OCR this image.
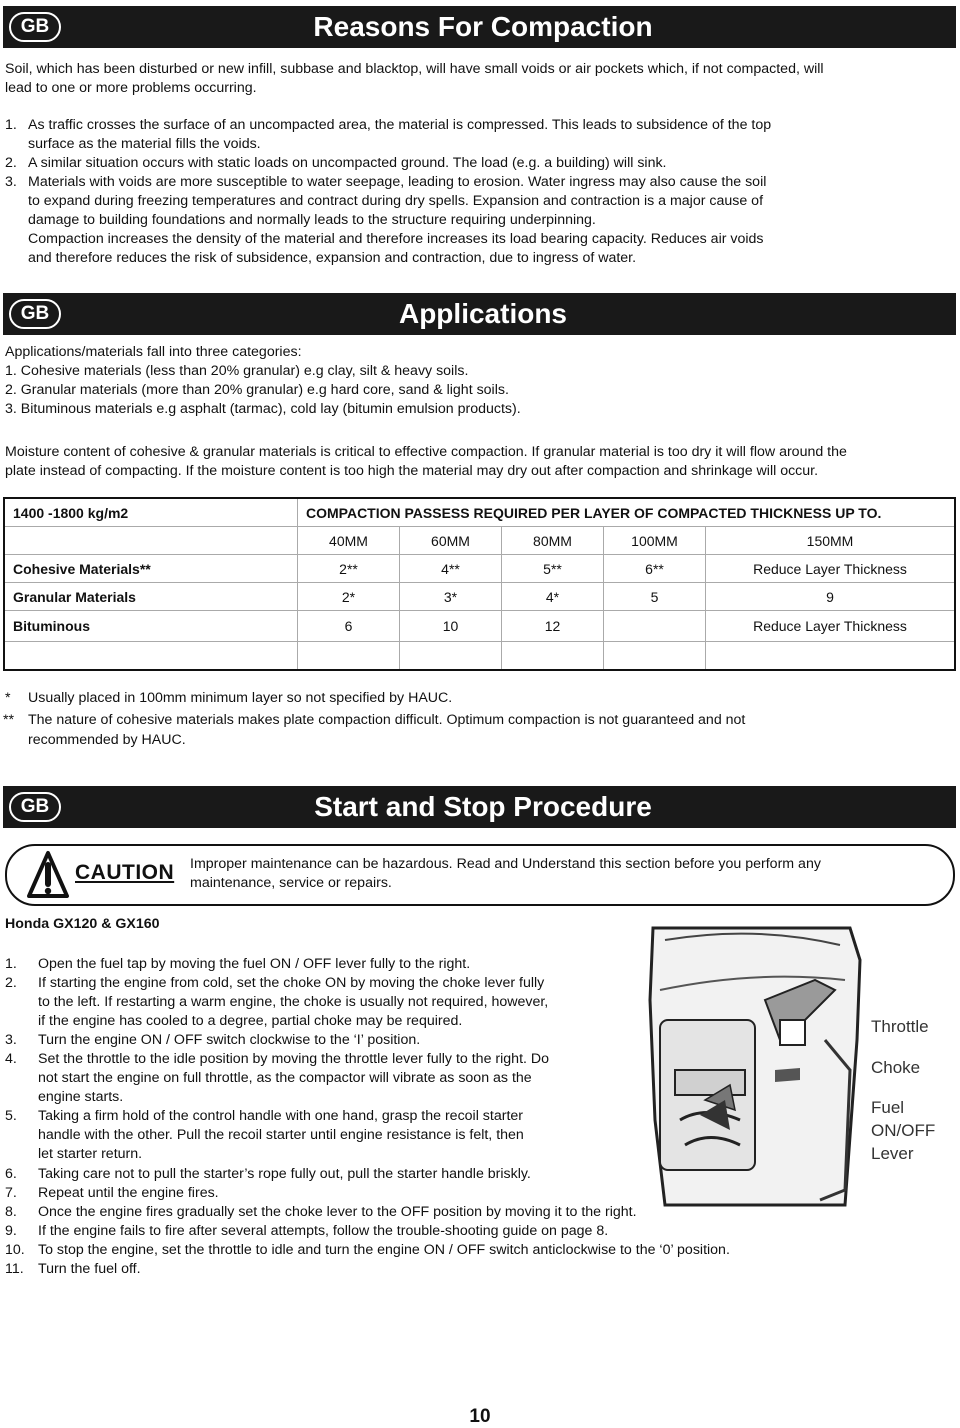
GB	Reasons For Compaction
Soil, which has been disturbed or new infill, subbase and blacktop, will have small voids or air pockets which, if not compacted, will
lead to one or more problems occurring.
1. As traffic crosses the surface of an uncompacted area, the material is compressed. This leads to subsidence of the top
surface as the material fills the voids.
2. A similar situation occurs with static loads on uncompacted ground. The load (e.g. a building) will sink.
3. Materials with voids are more susceptible to water seepage, leading to erosion. Water ingress may also cause the soil
to expand during freezing temperatures and contract during dry spells. Expansion and contraction is a major cause of
damage to building foundations and normally leads to the structure requiring underpinning.
Compaction increases the density of the material and therefore increases its load bearing capacity. Reduces air voids
and therefore reduces the risk of subsidence, expansion and contraction, due to ingress of water.
GB	Applications
Applications/materials fall into three categories:
1. Cohesive materials (less than 20% granular) e.g clay, silt & heavy soils.
2. Granular materials (more than 20% granular) e.g hard core, sand & light soils.
3. Bituminous materials e.g asphalt (tarmac), cold lay (bitumin emulsion products).
Moisture content of cohesive & granular materials is critical to effective compaction. If granular material is too dry it will flow around the
plate instead of compacting. If the moisture content is too high the material may dry out after compaction and shrinkage will occur.
1400 -1800 kg/m2	COMPACTION PASSESS REQUIRED PER LAYER OF COMPACTED THICKNESS UP TO.				
	40MM	60MM	80MM	100MM	150MM
Cohesive Materials**	2**	4**	5**	6**	Reduce Layer Thickness
Granular Materials	2*	3*	4*	5	9
Bituminous	6	10	12		Reduce Layer Thickness

* Usually placed in 100mm minimum layer so not specified by HAUC.
** The nature of cohesive materials makes plate compaction difficult. Optimum compaction is not guaranteed and not
recommended by HAUC.
GB	Start and Stop Procedure
CAUTION Improper maintenance can be hazardous. Read and Understand this section before you perform any
maintenance, service or repairs.
Honda GX120 & GX160
1. Open the fuel tap by moving the fuel ON / OFF lever fully to the right.
2. If starting the engine from cold, set the choke ON by moving the choke lever fully
to the left. If restarting a warm engine, the choke is usually not required, however,
if the engine has cooled to a degree, partial choke may be required.
3. Turn the engine ON / OFF switch clockwise to the ‘I’ position.
4. Set the throttle to the idle position by moving the throttle lever fully to the right. Do
not start the engine on full throttle, as the compactor will vibrate as soon as the
engine starts.
5. Taking a firm hold of the control handle with one hand, grasp the recoil starter
handle with the other. Pull the recoil starter until engine resistance is felt, then
let starter return.
6. Taking care not to pull the starter’s rope fully out, pull the starter handle briskly.
7. Repeat until the engine fires.
8. Once the engine fires gradually set the choke lever to the OFF position by moving it to the right.
9. If the engine fails to fire after several attempts, follow the trouble-shooting guide on page 8.
10. To stop the engine, set the throttle to idle and turn the engine ON / OFF switch anticlockwise to the ‘0’ position.
11. Turn the fuel off.
Throttle
Choke
Fuel
ON/OFF
Lever
10
